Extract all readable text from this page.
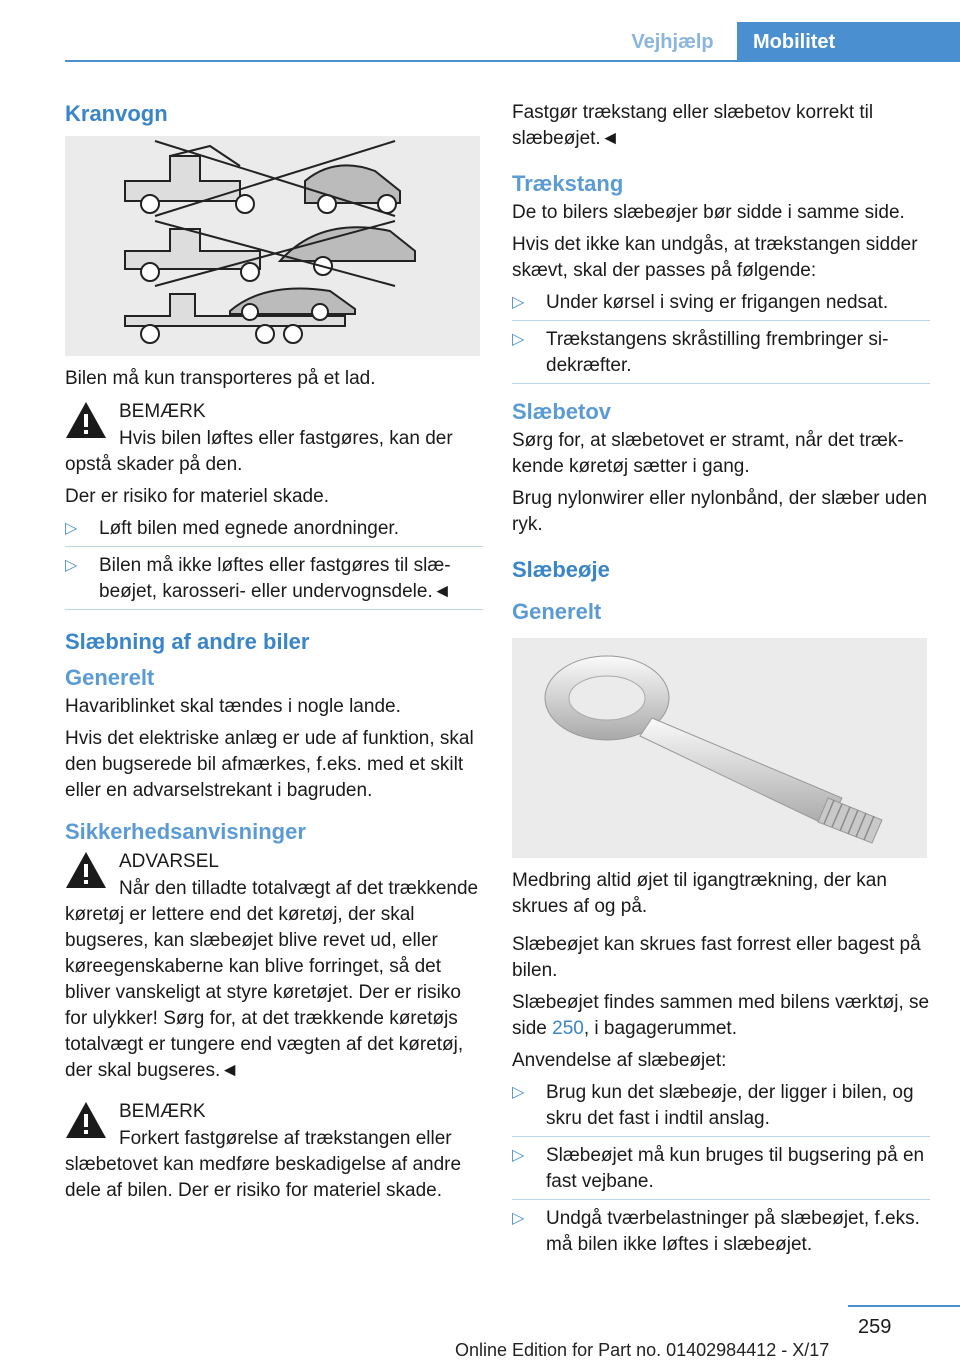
Vejhjælp	Mobilitet
Kranvogn

Bilen må kun transporteres på et lad.

BEMÆRK

Hvis bilen løftes eller fastgøres, kan der opstå skader på den.

Der er risiko for materiel skade.

▷ Løft bilen med egnede anordninger.
▷ Bilen må ikke løftes eller fastgøres til slæbeøjet, karosseri- eller undervognsdele.◄
Slæbning af andre biler
Generelt

Havariblinket skal tændes i nogle lande.

Hvis det elektriske anlæg er ude af funktion, skal den bugserede bil afmærkes, f.eks. med et skilt eller en advarselstrekant i bagruden.

Sikkerhedsanvisninger

ADVARSEL

Når den tilladte totalvægt af det trækkende køretøj er lettere end det køretøj, der skal bugseres, kan slæbeøjet blive revet ud, eller køreegenskaberne kan blive forringet, så det bliver vanskeligt at styre køretøjet. Der er risiko for ulykker! Sørg for, at det trækkende køretøjs totalvægt er tungere end vægten af det køretøj, der skal bugseres.◄

BEMÆRK

Forkert fastgørelse af trækstangen eller slæbetovet kan medføre beskadigelse af andre dele af bilen. Der er risiko for materiel skade.

Fastgør trækstang eller slæbetov korrekt til slæbeøjet.◄

Trækstang

De to bilers slæbeøjer bør sidde i samme side.

Hvis det ikke kan undgås, at trækstangen sidder skævt, skal der passes på følgende:

▷ Under kørsel i sving er frigangen nedsat.
▷ Trækstangens skråstilling frembringer sidekræfter.
Slæbetov

Sørg for, at slæbetovet er stramt, når det trækkende køretøj sætter i gang.

Brug nylonwirer eller nylonbånd, der slæber uden ryk.

Slæbeøje
Generelt

Medbring altid øjet til igangtrækning, der kan skrues af og på.

Slæbeøjet kan skrues fast forrest eller bagest på bilen.

Slæbeøjet findes sammen med bilens værktøj, se side 250, i bagagerummet.

Anvendelse af slæbeøjet:

▷ Brug kun det slæbeøje, der ligger i bilen, og skru det fast i indtil anslag.
▷ Slæbeøjet må kun bruges til bugsering på en fast vejbane.
▷ Undgå tværbelastninger på slæbeøjet, f.eks. må bilen ikke løftes i slæbeøjet.
259
Online Edition for Part no. 01402984412 - X/17
